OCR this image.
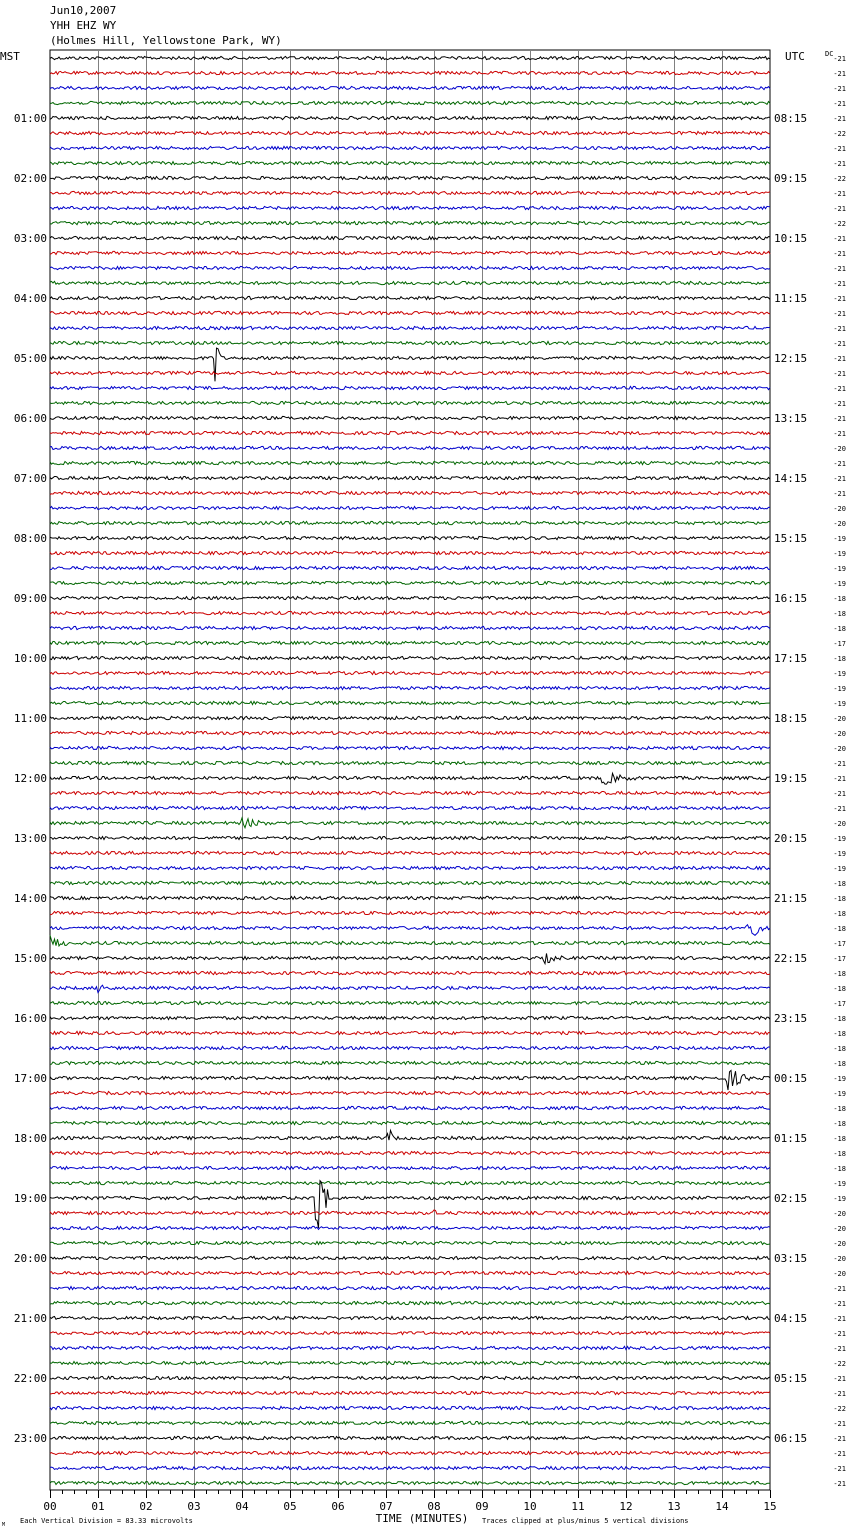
Jun10,2007
YHH EHZ WY
(Holmes Hill, Yellowstone Park, WY)
MST	UTC
01:00
02:00
03:00
04:00
05:00
06:00
07:00
08:00
09:00
10:00
11:00
12:00
13:00
14:00
15:00
16:00
17:00
18:00
19:00
20:00
21:00
22:00
23:00
08:15
09:15
10:15
11:15
12:15
13:15
14:15
15:15
16:15
17:15
18:15
19:15
20:15
21:15
22:15
23:15
00:15
01:15
02:15
03:15
04:15
05:15
06:15
DC
-21
-21
-21
-21
-21
-22
-21
-21
-22
-21
-21
-22
-21
-21
-21
-21
-21
-21
-21
-21
-21
-21
-21
-21
-21
-21
-20
-21
-21
-21
-20
-20
-19
-19
-19
-19
-18
-18
-18
-17
-18
-19
-19
-19
-20
-20
-20
-21
-21
-21
-21
-20
-19
-19
-19
-18
-18
-18
-18
-17
-17
-18
-18
-17
-18
-18
-18
-18
-19
-19
-18
-18
-18
-18
-18
-19
-19
-20
-20
-20
-20
-20
-21
-21
-21
-21
-21
-22
-21
-21
-22
-21
-21
-21
-21
-21
00	01	02	03	04	05	06	07	08	09	10	11	12	13	14	15
TIME (MINUTES)
Each Vertical Division = 83.33 microvolts	Traces clipped at plus/minus 5 vertical divisions
M
